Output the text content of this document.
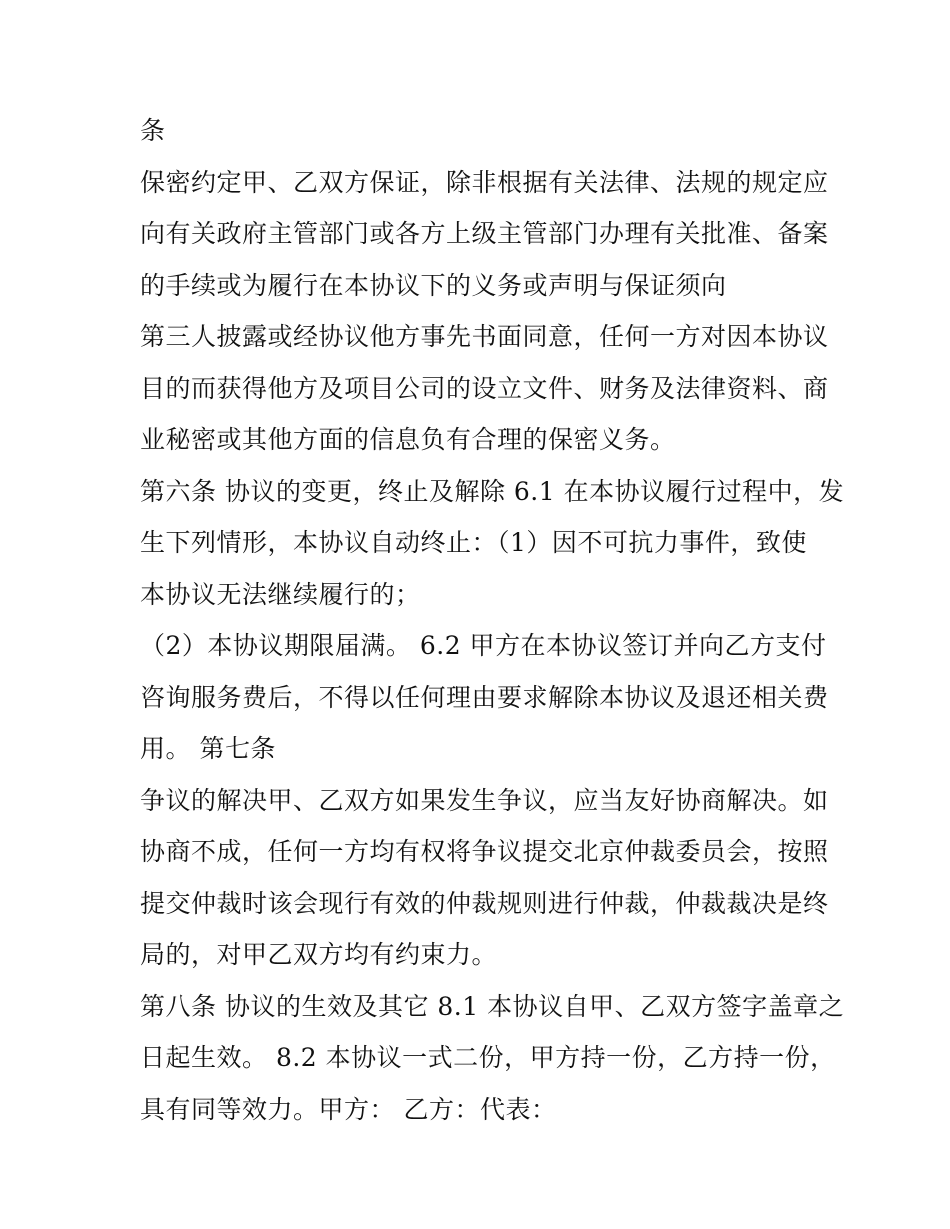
条
保密约定甲、乙双方保证，除非根据有关法律、法规的规定应
向有关政府主管部门或各方上级主管部门办理有关批准、备案
的手续或为履行在本协议下的义务或声明与保证须向
第三人披露或经协议他方事先书面同意，任何一方对因本协议
目的而获得他方及项目公司的设立文件、财务及法律资料、商
业秘密或其他方面的信息负有合理的保密义务。
第六条 协议的变更，终止及解除 6.1 在本协议履行过程中，发
生下列情形，本协议自动终止：（1）因不可抗力事件，致使
本协议无法继续履行的；
（2）本协议期限届满。 6.2 甲方在本协议签订并向乙方支付
咨询服务费后，不得以任何理由要求解除本协议及退还相关费
用。 第七条
争议的解决甲、乙双方如果发生争议，应当友好协商解决。如
协商不成，任何一方均有权将争议提交北京仲裁委员会，按照
提交仲裁时该会现行有效的仲裁规则进行仲裁，仲裁裁决是终
局的，对甲乙双方均有约束力。
第八条 协议的生效及其它 8.1 本协议自甲、乙双方签字盖章之
日起生效。 8.2 本协议一式二份，甲方持一份，乙方持一份，
具有同等效力。甲方： 乙方：代表：
